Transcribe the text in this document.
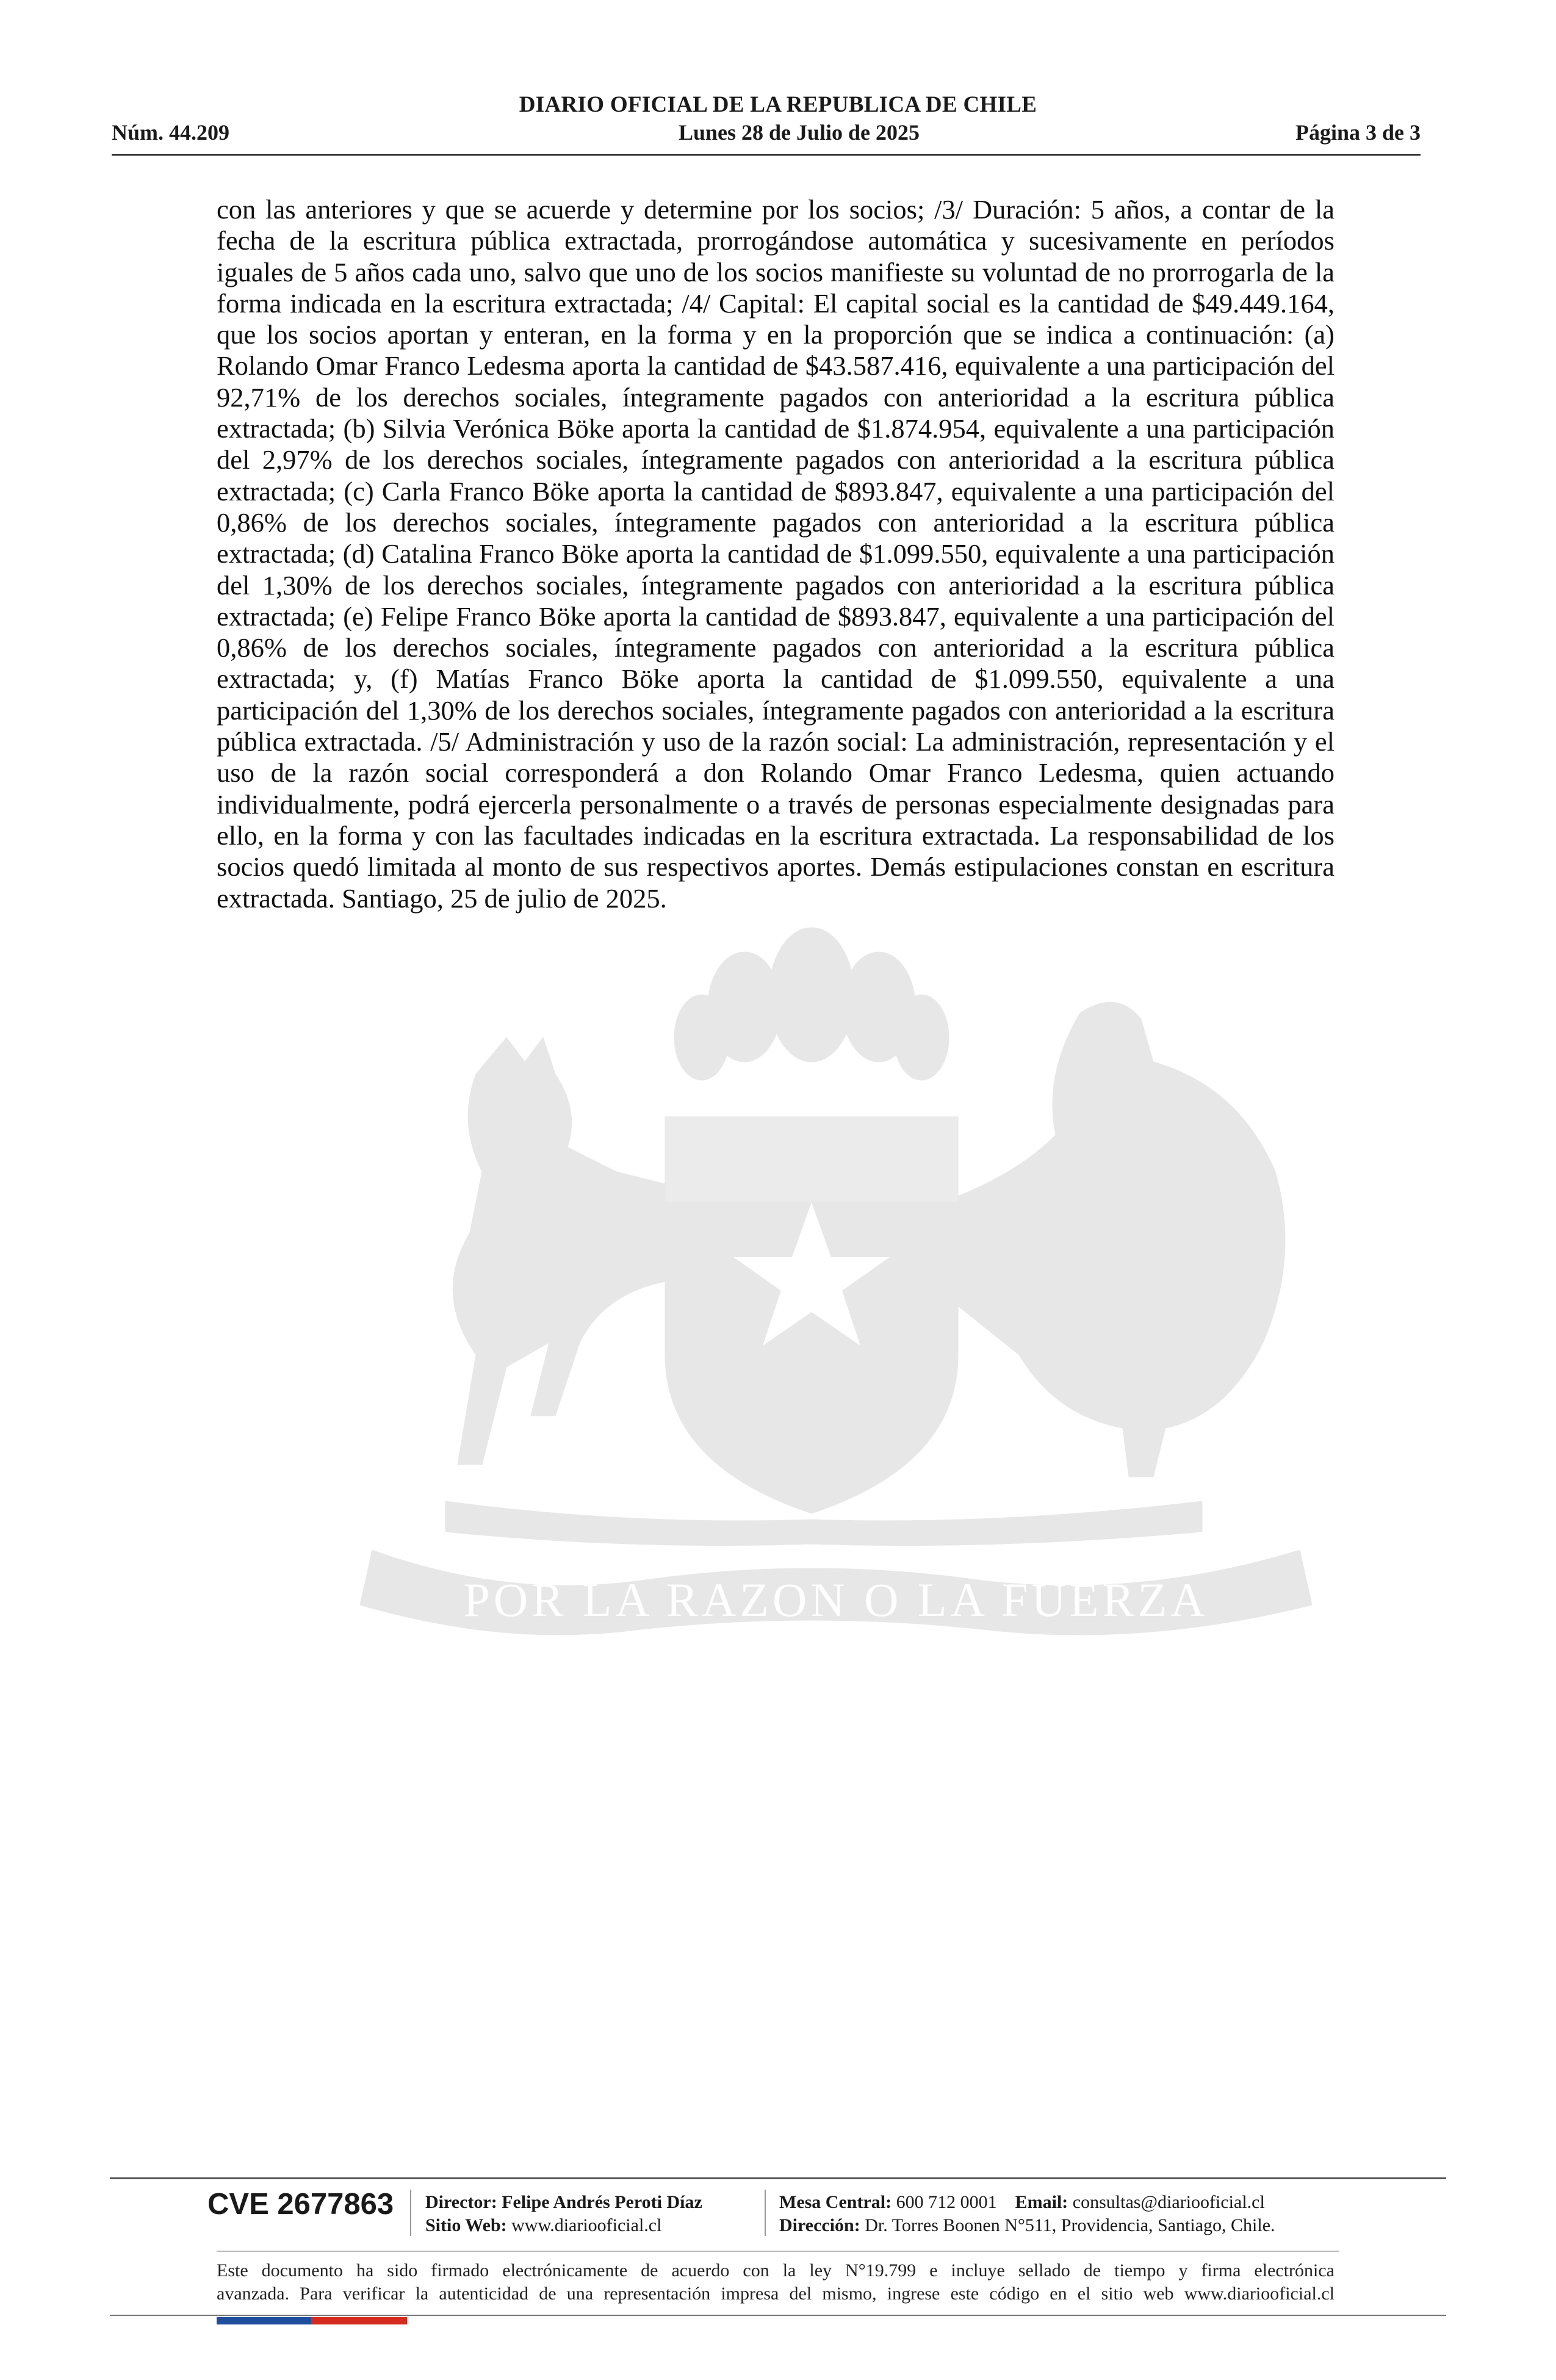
DIARIO OFICIAL DE LA REPUBLICA DE CHILE
Núm. 44.209	Lunes 28 de Julio de 2025	Página 3 de 3
POR LA RAZON O LA FUERZA
con las anteriores y que se acuerde y determine por los socios; /3/ Duración: 5 años, a contar de la fecha de la escritura pública extractada, prorrogándose automática y sucesivamente en períodos iguales de 5 años cada uno, salvo que uno de los socios manifieste su voluntad de no prorrogarla de la forma indicada en la escritura extractada; /4/ Capital: El capital social es la cantidad de $49.449.164, que los socios aportan y enteran, en la forma y en la proporción que se indica a continuación: (a) Rolando Omar Franco Ledesma aporta la cantidad de $43.587.416, equivalente a una participación del 92,71% de los derechos sociales, íntegramente pagados con anterioridad a la escritura pública extractada; (b) Silvia Verónica Böke aporta la cantidad de $1.874.954, equivalente a una participación del 2,97% de los derechos sociales, íntegramente pagados con anterioridad a la escritura pública extractada; (c) Carla Franco Böke aporta la cantidad de $893.847, equivalente a una participación del 0,86% de los derechos sociales, íntegramente pagados con anterioridad a la escritura pública extractada; (d) Catalina Franco Böke aporta la cantidad de $1.099.550, equivalente a una participación del 1,30% de los derechos sociales, íntegramente pagados con anterioridad a la escritura pública extractada; (e) Felipe Franco Böke aporta la cantidad de $893.847, equivalente a una participación del 0,86% de los derechos sociales, íntegramente pagados con anterioridad a la escritura pública extractada; y, (f) Matías Franco Böke aporta la cantidad de $1.099.550, equivalente a una participación del 1,30% de los derechos sociales, íntegramente pagados con anterioridad a la escritura pública extractada. /5/ Administración y uso de la razón social: La administración, representación y el uso de la razón social corresponderá a don Rolando Omar Franco Ledesma, quien actuando individualmente, podrá ejercerla personalmente o a través de personas especialmente designadas para ello, en la forma y con las facultades indicadas en la escritura extractada. La responsabilidad de los socios quedó limitada al monto de sus respectivos aportes. Demás estipulaciones constan en escritura extractada. Santiago, 25 de julio de 2025.
CVE 2677863 Director: Felipe Andrés Peroti Díaz
Sitio Web: www.diariooficial.cl
Mesa Central: 600 712 0001 Email: consultas@diariooficial.cl
Dirección: Dr. Torres Boonen N°511, Providencia, Santiago, Chile.
Este documento ha sido firmado electrónicamente de acuerdo con la ley N°19.799 e incluye sellado de tiempo y firma electrónica
avanzada. Para verificar la autenticidad de una representación impresa del mismo, ingrese este código en el sitio web www.diariooficial.cl
